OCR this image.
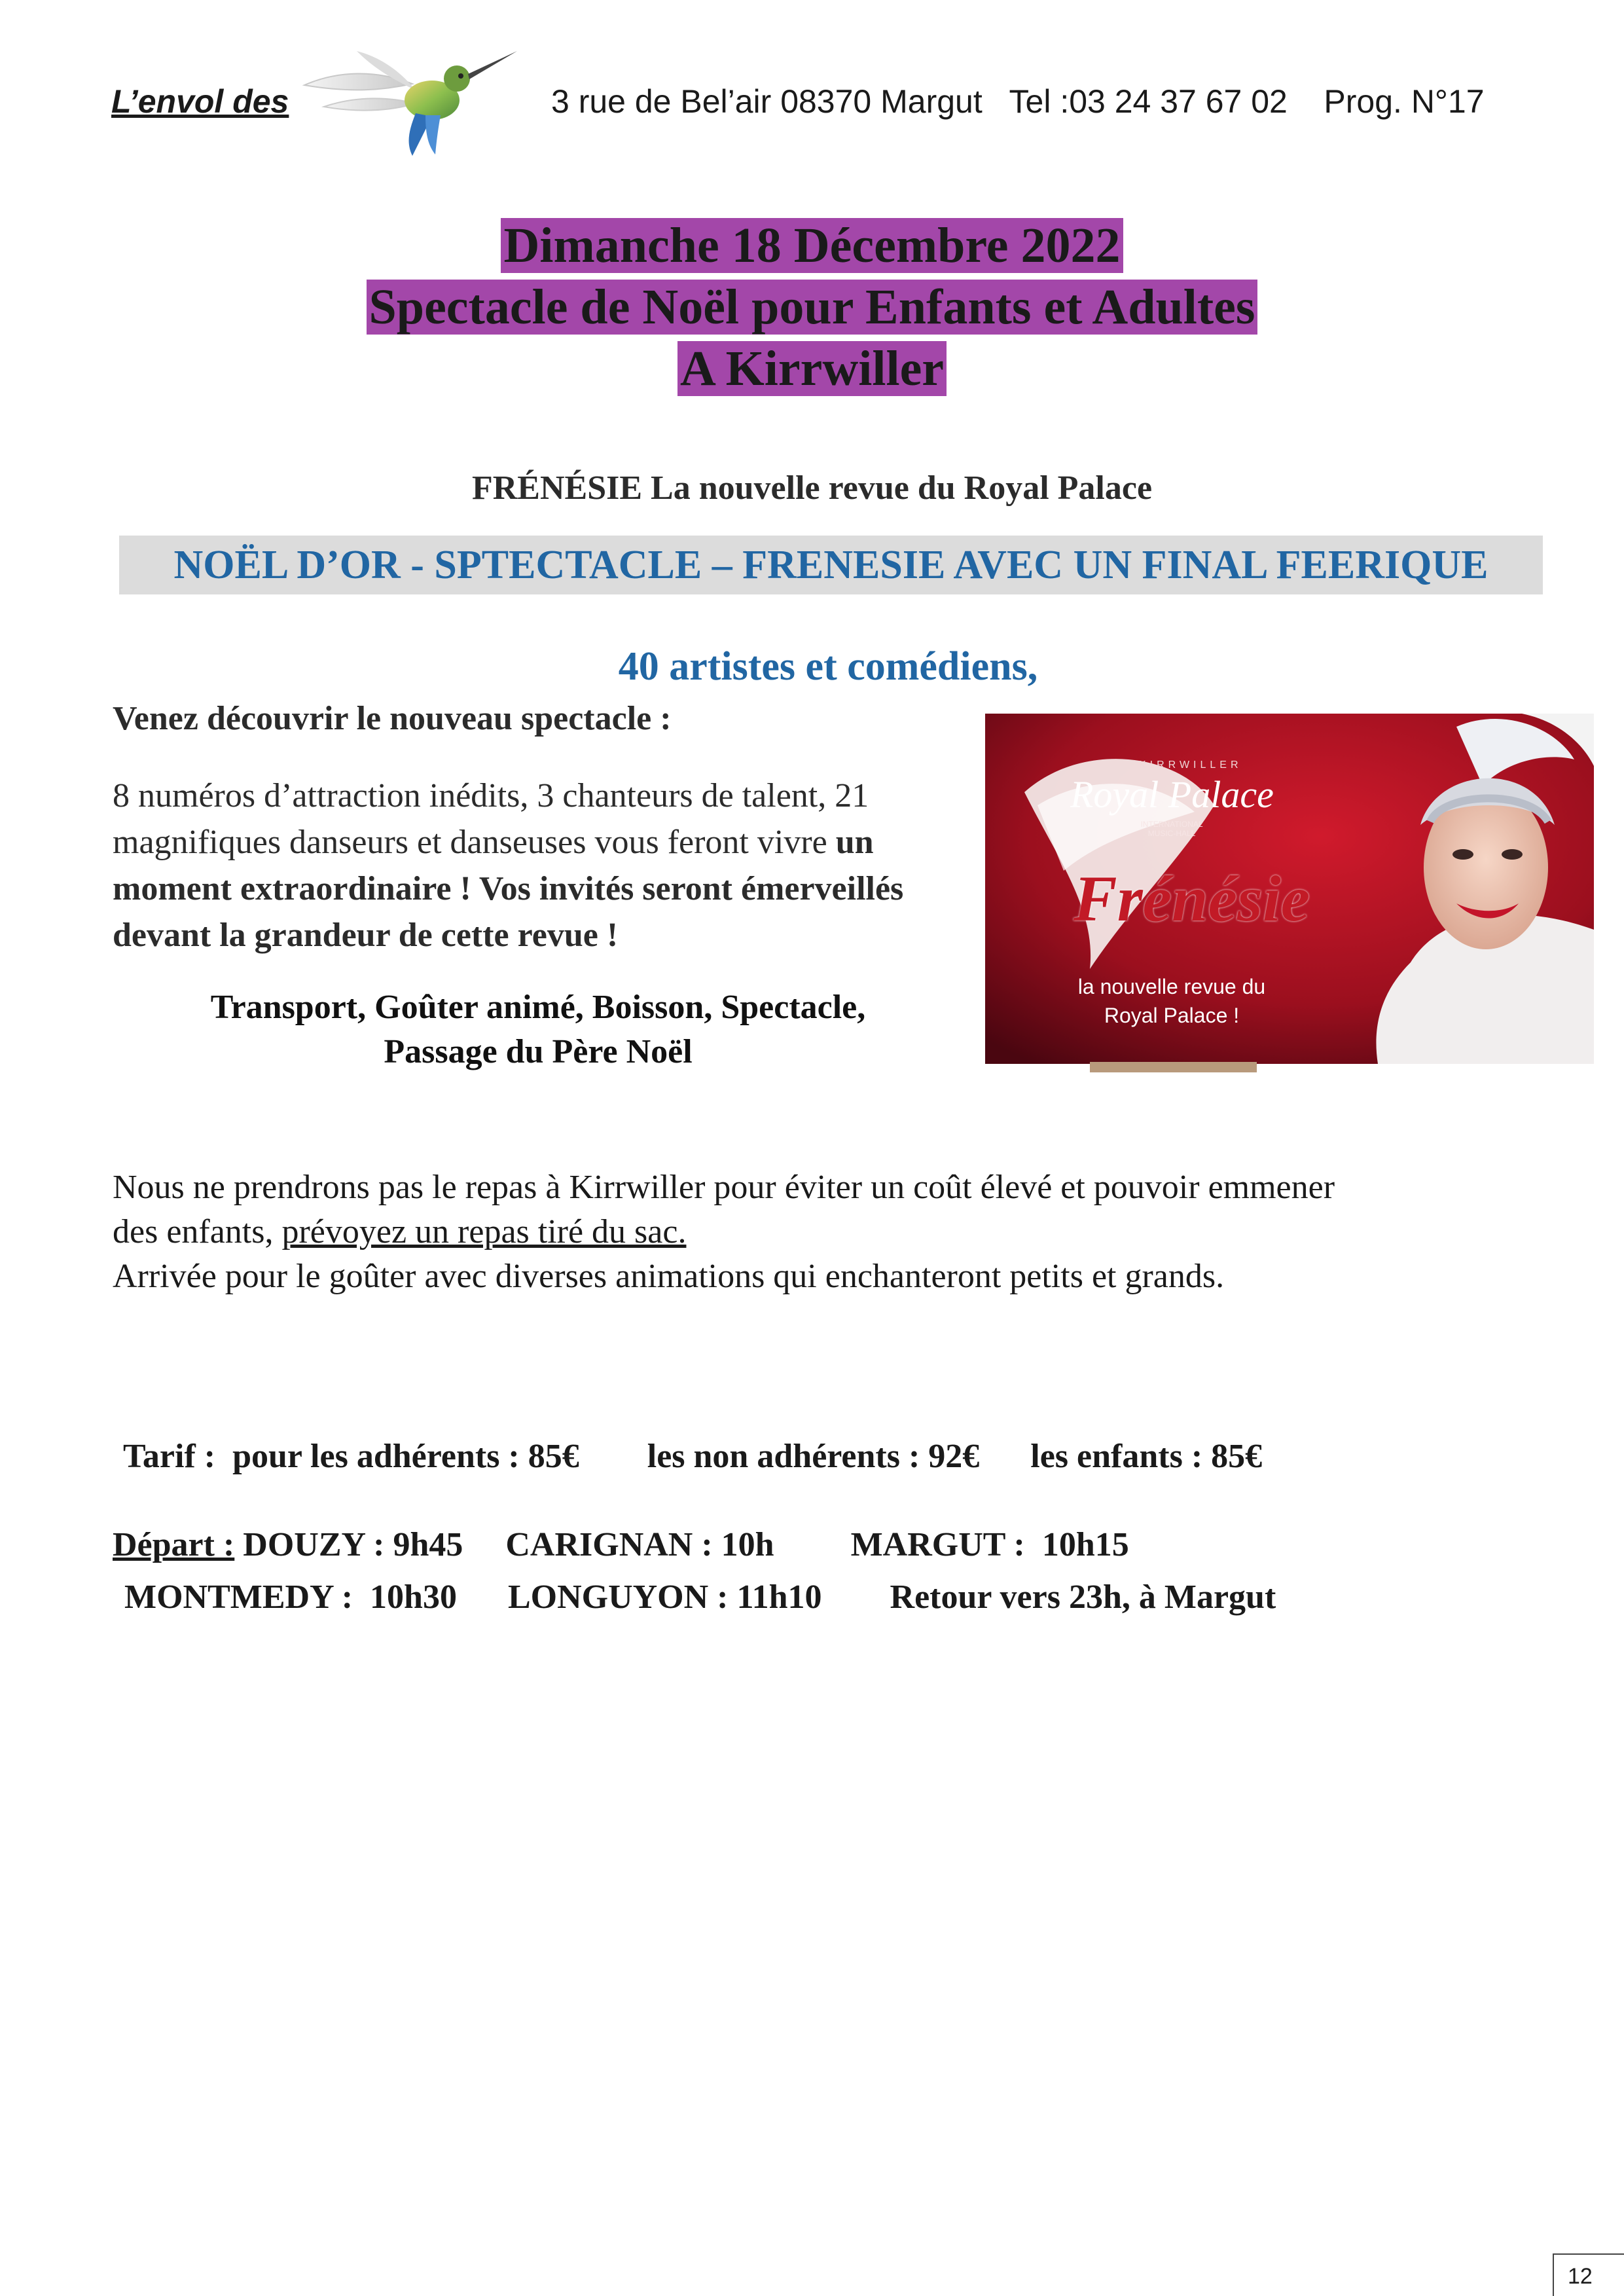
L’envol des	3 rue de Bel’air 08370 Margut   Tel :03 24 37 67 02    Prog. N°17
Dimanche 18 Décembre 2022
Spectacle de Noël pour Enfants et Adultes
A Kirrwiller
FRÉNÉSIE La nouvelle revue du Royal Palace
NOËL D’OR - SPTECTACLE – FRENESIE AVEC UN FINAL FEERIQUE
40 artistes et comédiens,
Venez découvrir le nouveau spectacle :
8 numéros d’attraction inédits, 3 chanteurs de talent, 21 magnifiques danseurs et danseuses vous feront vivre un moment extraordinaire ! Vos invités seront émerveillés devant la grandeur de cette revue !
Transport, Goûter animé, Boisson, Spectacle,
Passage du Père Noël
KIRRWILLER
Royal Palace
INTERNATIONAL MUSIC-HALL
Frénésie
la nouvelle revue du
Royal Palace !
Nous ne prendrons pas le repas à Kirrwiller pour éviter un coût élevé et pouvoir emmener
des enfants, prévoyez un repas tiré du sac.
Arrivée pour le goûter avec diverses animations qui enchanteront petits et grands.
Tarif :  pour les adhérents : 85€        les non adhérents : 92€      les enfants : 85€
Départ : DOUZY : 9h45     CARIGNAN : 10h         MARGUT :  10h15
MONTMEDY :  10h30      LONGUYON : 11h10        Retour vers 23h, à Margut
12
